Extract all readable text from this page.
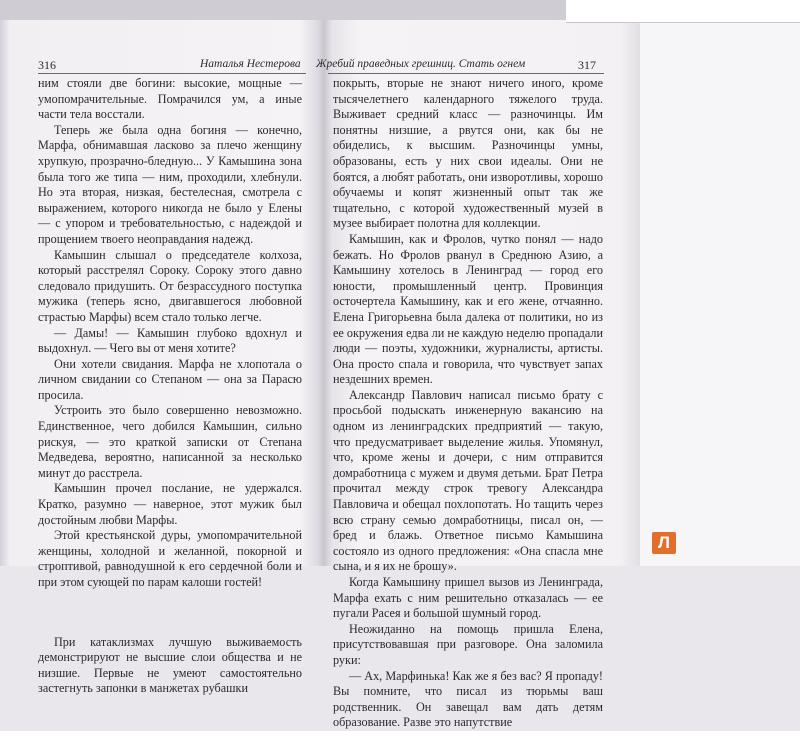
316	Наталья Нестерова Жребий праведных грешниц. Стать огнем	317

ним стояли две богини: высокие, мощные — умопомрачительные. Помрачился ум, а иные части тела восстали.

Теперь же была одна богиня — конечно, Марфа, обнимавшая ласково за плечо женщину хрупкую, прозрачно-бледную... У Камышина зона была того же типа — ним, проходили, хлебнули. Но эта вторая, низкая, бестелесная, смотрела с выражением, которого никогда не было у Елены — с упором и требовательностью, с надеждой и прощением твоего неоправдания надежд.

Камышин слышал о председателе колхоза, который расстрелял Сороку. Сороку этого давно следовало придушить. От безрассудного поступка мужика (теперь ясно, двигавшегося любовной страстью Марфы) всем стало только легче.

— Дамы! — Камышин глубоко вдохнул и выдохнул. — Чего вы от меня хотите?

Они хотели свидания. Марфа не хлопотала о личном свидании со Степаном — она за Парасю просила.

Устроить это было совершенно невозможно. Единственное, чего добился Камышин, сильно рискуя, — это краткой записки от Степана Медведева, вероятно, написанной за несколько минут до расстрела.

Камышин прочел послание, не удержался. Кратко, разумно — наверное, этот мужик был достойным любви Марфы.

Этой крестьянской дуры, умопомрачительной женщины, холодной и желанной, покорной и строптивой, равнодушной к его сердечной боли и при этом сующей по парам калоши гостей!

При катаклизмах лучшую выживаемость демонстрируют не высшие слои общества и не низшие. Первые не умеют самостоятельно застегнуть запонки в манжетах рубашки

покрыть, вторые не знают ничего иного, кроме тысячелетнего календарного тяжелого труда. Выживает средний класс — разночинцы. Им понятны низшие, а рвутся они, как бы не обиделись, к высшим. Разночинцы умны, образованы, есть у них свои идеалы. Они не боятся, а любят работать, они изворотливы, хорошо обучаемы и копят жизненный опыт так же тщательно, с которой художественный музей в музее выбирает полотна для коллекции.

Камышин, как и Фролов, чутко понял — надо бежать. Но Фролов рванул в Среднюю Азию, а Камышину хотелось в Ленинград — город его юности, промышленный центр. Провинция осточертела Камышину, как и его жене, отчаянно. Елена Григорьевна была далека от политики, но из ее окружения едва ли не каждую неделю пропадали люди — поэты, художники, журналисты, артисты. Она просто спала и говорила, что чувствует запах нездешних времен.

Александр Павлович написал письмо брату с просьбой подыскать инженерную вакансию на одном из ленинградских предприятий — такую, что предусматривает выделение жилья. Упомянул, что, кроме жены и дочери, с ним отправится домработница с мужем и двумя детьми. Брат Петра прочитал между строк тревогу Александра Павловича и обещал похлопотать. Но тащить через всю страну семью домработницы, писал он, — бред и блажь. Ответное письмо Камышина состояло из одного предложения: «Она спасла мне сына, и я их не брошу».

Когда Камышину пришел вызов из Ленинграда, Марфа ехать с ним решительно отказалась — ее пугали Расея и большой шумный город.

Неожиданно на помощь пришла Елена, присутствовавшая при разговоре. Она заломила руки:

— Ах, Марфинька! Как же я без вас? Я пропаду! Вы помните, что писал из тюрьмы ваш родственник. Он завещал вам дать детям образование. Разве это напутствие

Л
